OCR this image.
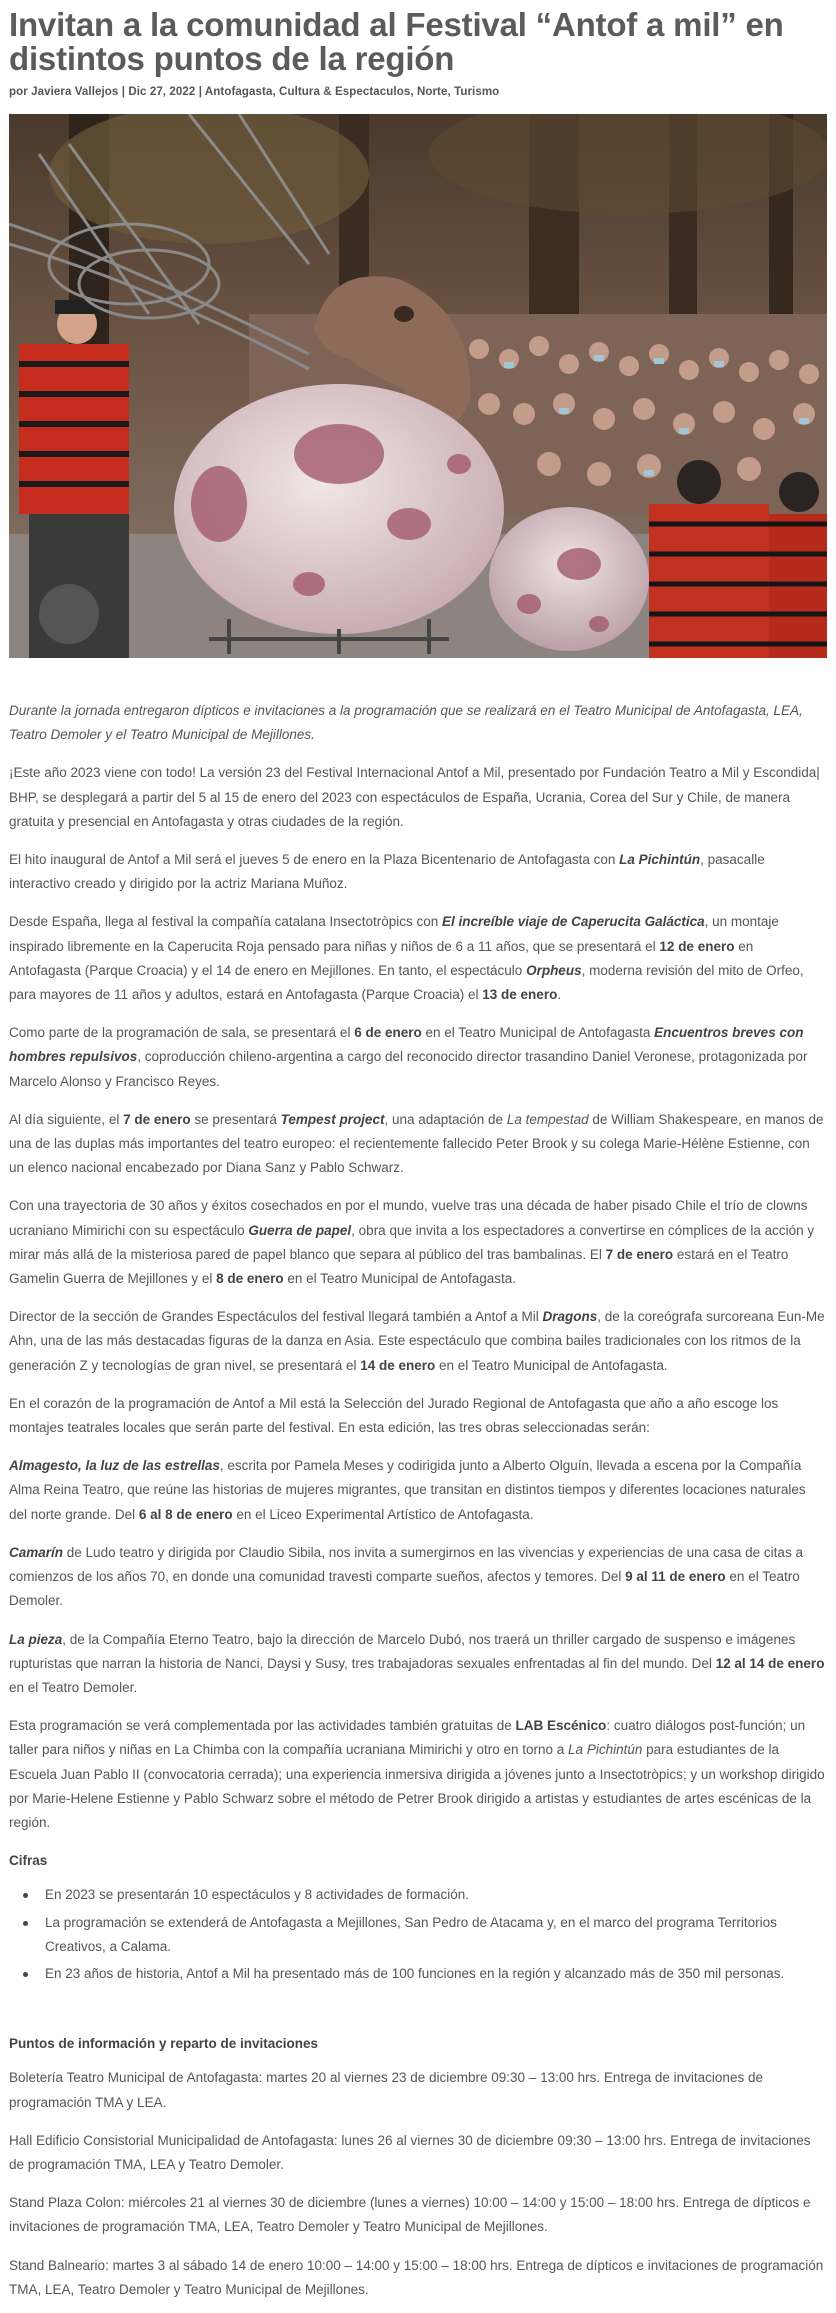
Invitan a la comunidad al Festival “Antof a mil” en distintos puntos de la región
por Javiera Vallejos | Dic 27, 2022 | Antofagasta, Cultura & Espectaculos, Norte, Turismo

Durante la jornada entregaron dípticos e invitaciones a la programación que se realizará en el Teatro Municipal de Antofagasta, LEA, Teatro Demoler y el Teatro Municipal de Mejillones.

¡Este año 2023 viene con todo! La versión 23 del Festival Internacional Antof a Mil, presentado por Fundación Teatro a Mil y Escondida| BHP, se desplegará a partir del 5 al 15 de enero del 2023 con espectáculos de España, Ucrania, Corea del Sur y Chile, de manera gratuita y presencial en Antofagasta y otras ciudades de la región.

El hito inaugural de Antof a Mil será el jueves 5 de enero en la Plaza Bicentenario de Antofagasta con La Pichintún, pasacalle interactivo creado y dirigido por la actriz Mariana Muñoz.

Desde España, llega al festival la compañía catalana Insectotròpics con El increíble viaje de Caperucita Galáctica, un montaje inspirado libremente en la Caperucita Roja pensado para niñas y niños de 6 a 11 años, que se presentará el 12 de enero en Antofagasta (Parque Croacia) y el 14 de enero en Mejillones. En tanto, el espectáculo Orpheus, moderna revisión del mito de Orfeo, para mayores de 11 años y adultos, estará en Antofagasta (Parque Croacia) el 13 de enero.

Como parte de la programación de sala, se presentará el 6 de enero en el Teatro Municipal de Antofagasta Encuentros breves con hombres repulsivos, coproducción chileno-argentina a cargo del reconocido director trasandino Daniel Veronese, protagonizada por Marcelo Alonso y Francisco Reyes.

Al día siguiente, el 7 de enero se presentará Tempest project, una adaptación de La tempestad de William Shakespeare, en manos de una de las duplas más importantes del teatro europeo: el recientemente fallecido Peter Brook y su colega Marie-Hélène Estienne, con un elenco nacional encabezado por Diana Sanz y Pablo Schwarz.

Con una trayectoria de 30 años y éxitos cosechados en por el mundo, vuelve tras una década de haber pisado Chile el trío de clowns ucraniano Mimirichi con su espectáculo Guerra de papel, obra que invita a los espectadores a convertirse en cómplices de la acción y mirar más allá de la misteriosa pared de papel blanco que separa al público del tras bambalinas. El 7 de enero estará en el Teatro Gamelin Guerra de Mejillones y el 8 de enero en el Teatro Municipal de Antofagasta.

Director de la sección de Grandes Espectáculos del festival llegará también a Antof a Mil Dragons, de la coreógrafa surcoreana Eun-Me Ahn, una de las más destacadas figuras de la danza en Asia. Este espectáculo que combina bailes tradicionales con los ritmos de la generación Z y tecnologías de gran nivel, se presentará el 14 de enero en el Teatro Municipal de Antofagasta.

En el corazón de la programación de Antof a Mil está la Selección del Jurado Regional de Antofagasta que año a año escoge los montajes teatrales locales que serán parte del festival. En esta edición, las tres obras seleccionadas serán:

Almagesto, la luz de las estrellas, escrita por Pamela Meses y codirigida junto a Alberto Olguín, llevada a escena por la Compañía Alma Reina Teatro, que reúne las historias de mujeres migrantes, que transitan en distintos tiempos y diferentes locaciones naturales del norte grande. Del 6 al 8 de enero en el Liceo Experimental Artístico de Antofagasta.

Camarín de Ludo teatro y dirigida por Claudio Sibila, nos invita a sumergirnos en las vivencias y experiencias de una casa de citas a comienzos de los años 70, en donde una comunidad travesti comparte sueños, afectos y temores. Del 9 al 11 de enero en el Teatro Demoler.

La pieza, de la Compañía Eterno Teatro, bajo la dirección de Marcelo Dubó, nos traerá un thriller cargado de suspenso e imágenes rupturistas que narran la historia de Nanci, Daysi y Susy, tres trabajadoras sexuales enfrentadas al fin del mundo. Del 12 al 14 de enero en el Teatro Demoler.

Esta programación se verá complementada por las actividades también gratuitas de LAB Escénico: cuatro diálogos post-función; un taller para niños y niñas en La Chimba con la compañía ucraniana Mimirichi y otro en torno a La Pichintún para estudiantes de la Escuela Juan Pablo II (convocatoria cerrada); una experiencia inmersiva dirigida a jóvenes junto a Insectotròpics; y un workshop dirigido por Marie-Helene Estienne y Pablo Schwarz sobre el método de Petrer Brook dirigido a artistas y estudiantes de artes escénicas de la región.

Cifras
En 2023 se presentarán 10 espectáculos y 8 actividades de formación.
La programación se extenderá de Antofagasta a Mejillones, San Pedro de Atacama y, en el marco del programa Territorios Creativos, a Calama.
En 23 años de historia, Antof a Mil ha presentado más de 100 funciones en la región y alcanzado más de 350 mil personas.
Puntos de información y reparto de invitaciones

Boletería Teatro Municipal de Antofagasta: martes 20 al viernes 23 de diciembre 09:30 – 13:00 hrs. Entrega de invitaciones de programación TMA y LEA.

Hall Edificio Consistorial Municipalidad de Antofagasta: lunes 26 al viernes 30 de diciembre 09:30 – 13:00 hrs. Entrega de invitaciones de programación TMA, LEA y Teatro Demoler.

Stand Plaza Colon: miércoles 21 al viernes 30 de diciembre (lunes a viernes) 10:00 – 14:00 y 15:00 – 18:00 hrs. Entrega de dípticos e invitaciones de programación TMA, LEA, Teatro Demoler y Teatro Municipal de Mejillones.

Stand Balneario: martes 3 al sábado 14 de enero 10:00 – 14:00 y 15:00 – 18:00 hrs. Entrega de dípticos e invitaciones de programación TMA, LEA, Teatro Demoler y Teatro Municipal de Mejillones.
